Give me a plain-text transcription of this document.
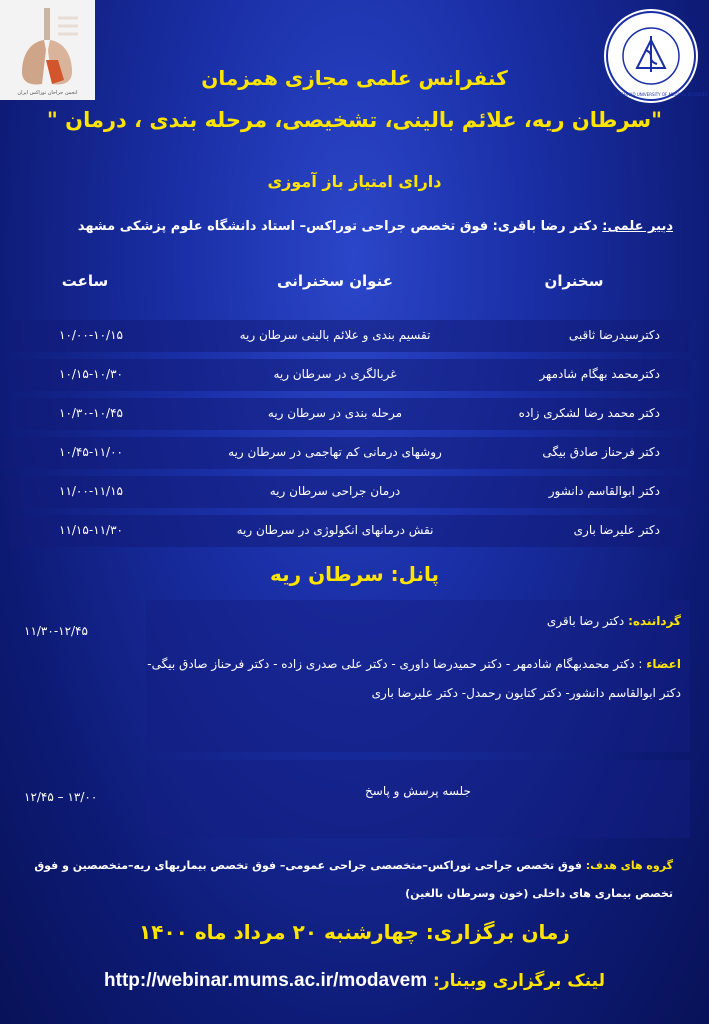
انجمن جراحان توراکس ایران	MASHHAD UNIVERSITY OF MEDICAL SCIENCES
کنفرانس علمی مجازی همزمان
"سرطان ریه، علائم بالینی، تشخیصی، مرحله بندی ، درمان "
دارای امتیاز باز آموزی
دبیر علمی: دکتر رضا باقری: فوق تخصص جراحی توراکس– استاد دانشگاه علوم پزشکی مشهد
سخنران
عنوان سخنرانی
ساعت
دکترسیدرضا ثاقبی
تقسیم بندی و علائم بالینی سرطان ریه
۱۰/۰۰-۱۰/۱۵
دکترمحمد بهگام شادمهر
غربالگری در سرطان ریه
۱۰/۱۵-۱۰/۳۰
دکتر محمد رضا لشکری زاده
مرحله بندی در سرطان ریه
۱۰/۳۰-۱۰/۴۵
دکتر فرحناز صادق بیگی
روشهای درمانی کم تهاجمی در سرطان ریه
۱۰/۴۵-۱۱/۰۰
دکتر ابوالقاسم دانشور
درمان جراحی سرطان ریه
۱۱/۰۰-۱۱/۱۵
دکتر علیرضا باری
نقش درمانهای انکولوژی در سرطان ریه
۱۱/۱۵-۱۱/۳۰
پانل: سرطان ریه
۱۱/۳۰-۱۲/۴۵
گرداننده: دکتر رضا باقری
اعضاء : دکتر محمدبهگام شادمهر - دکتر حمیدرضا داوری - دکتر علی صدری زاده - دکتر فرحناز صادق بیگی- دکتر ابوالقاسم دانشور- دکتر کتایون رحمدل- دکتر علیرضا باری
جلسه پرسش و پاسخ
۱۲/۴۵ – ۱۳/۰۰
گروه های هدف: فوق تخصص جراحی توراکس–متخصصی جراحی عمومی– فوق تخصص بیماریهای ریه–متخصصین و فوق تخصص بیماری های داخلی (خون وسرطان بالغین)
زمان برگزاری: چهارشنبه ۲۰ مرداد ماه ۱۴۰۰
لینک برگزاری وبینار: http://webinar.mums.ac.ir/modavem
